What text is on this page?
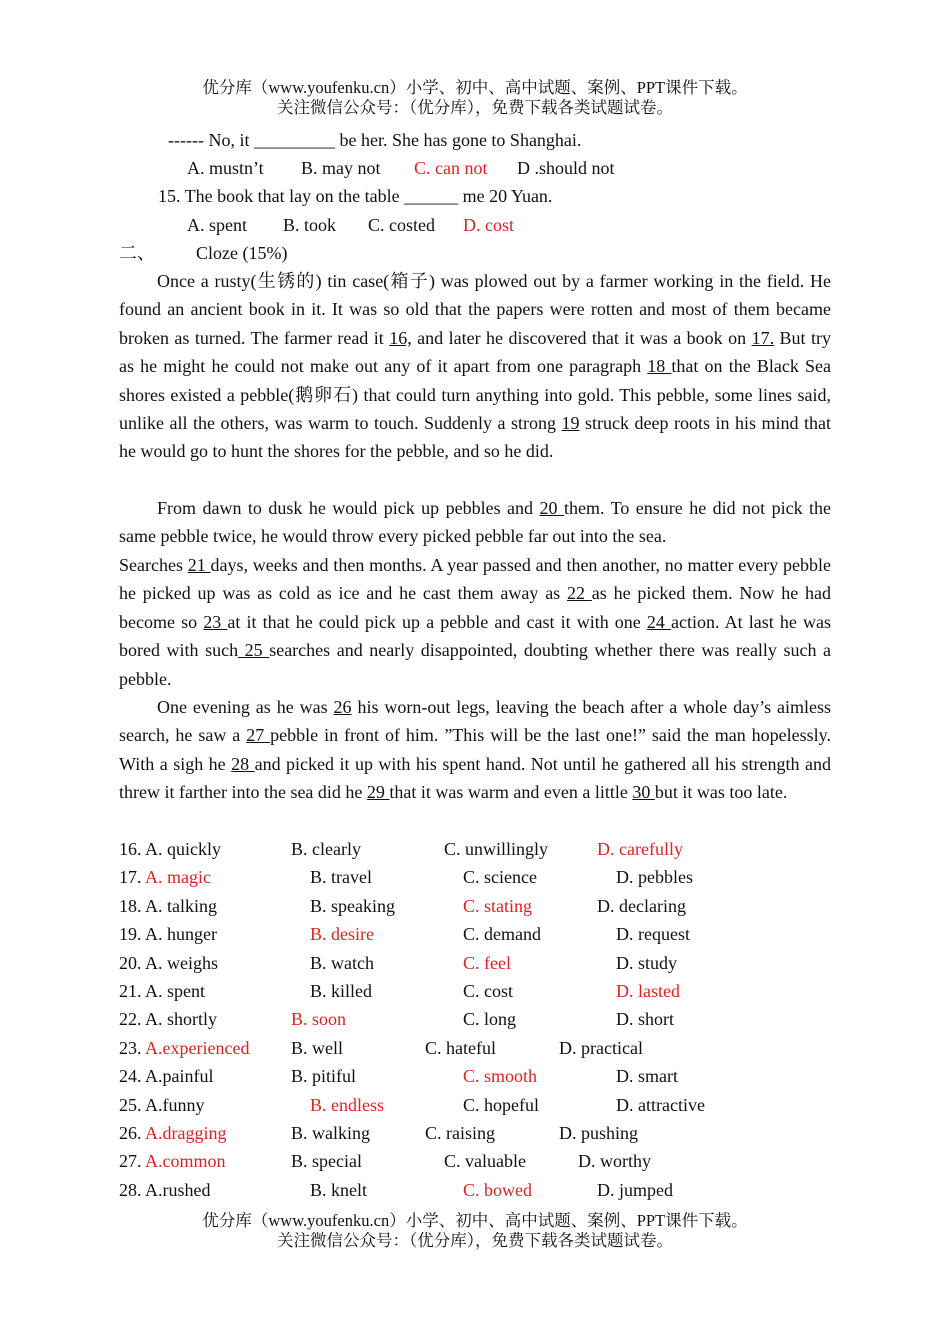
优分库（www.youfenku.cn）小学、初中、高中试题、案例、PPT课件下载。
关注微信公众号：（优分库），免费下载各类试题试卷。
------ No, it _________ be her. She has gone to Shanghai.
A. mustn’t B. may not C. can not D .should not
15. The book that lay on the table ______ me 20 Yuan.
A. spent B. took C. costed D. cost
二、 Cloze (15%)
Once a rusty(生锈的) tin case(箱子) was plowed out by a farmer working in the field. He found an ancient book in it. It was so old that the papers were rotten and most of them became broken as turned. The farmer read it 16, and later he discovered that it was a book on 17. But try as he might he could not make out any of it apart from one paragraph 18 that on the Black Sea shores existed a pebble(鹅卵石) that could turn anything into gold. This pebble, some lines said, unlike all the others, was warm to touch. Suddenly a strong 19 struck deep roots in his mind that he would go to hunt the shores for the pebble, and so he did.
From dawn to dusk he would pick up pebbles and 20 them. To ensure he did not pick the same pebble twice, he would throw every picked pebble far out into the sea.
Searches 21 days, weeks and then months. A year passed and then another, no matter every pebble he picked up was as cold as ice and he cast them away as 22 as he picked them. Now he had become so 23 at it that he could pick up a pebble and cast it with one 24 action. At last he was bored with such 25 searches and nearly disappointed, doubting whether there was really such a pebble.
One evening as he was 26 his worn-out legs, leaving the beach after a whole day’s aimless search, he saw a 27 pebble in front of him. ”This will be the last one!” said the man hopelessly. With a sigh he 28 and picked it up with his spent hand. Not until he gathered all his strength and threw it farther into the sea did he 29 that it was warm and even a little 30 but it was too late.
16. A. quickly	B. clearly	C. unwillingly	D. carefully
17. A. magic	B. travel	C. science	D. pebbles
18. A. talking	B. speaking	C. stating	D. declaring
19. A. hunger	B. desire	C. demand	D. request
20. A. weighs	B. watch	C. feel	D. study
21. A. spent	B. killed	C. cost	D. lasted
22. A. shortly	B. soon	C. long	D. short
23. A.experienced B. well	C. hateful	D. practical
24. A.painful	B. pitiful	C. smooth	D. smart
25. A.funny	B. endless	C. hopeful	D. attractive
26. A.dragging	B. walking	C. raising	D. pushing
27. A.common	B. special	C. valuable	D. worthy
28. A.rushed	B. knelt	C. bowed	D. jumped
优分库（www.youfenku.cn）小学、初中、高中试题、案例、PPT课件下载。
关注微信公众号：（优分库），免费下载各类试题试卷。
